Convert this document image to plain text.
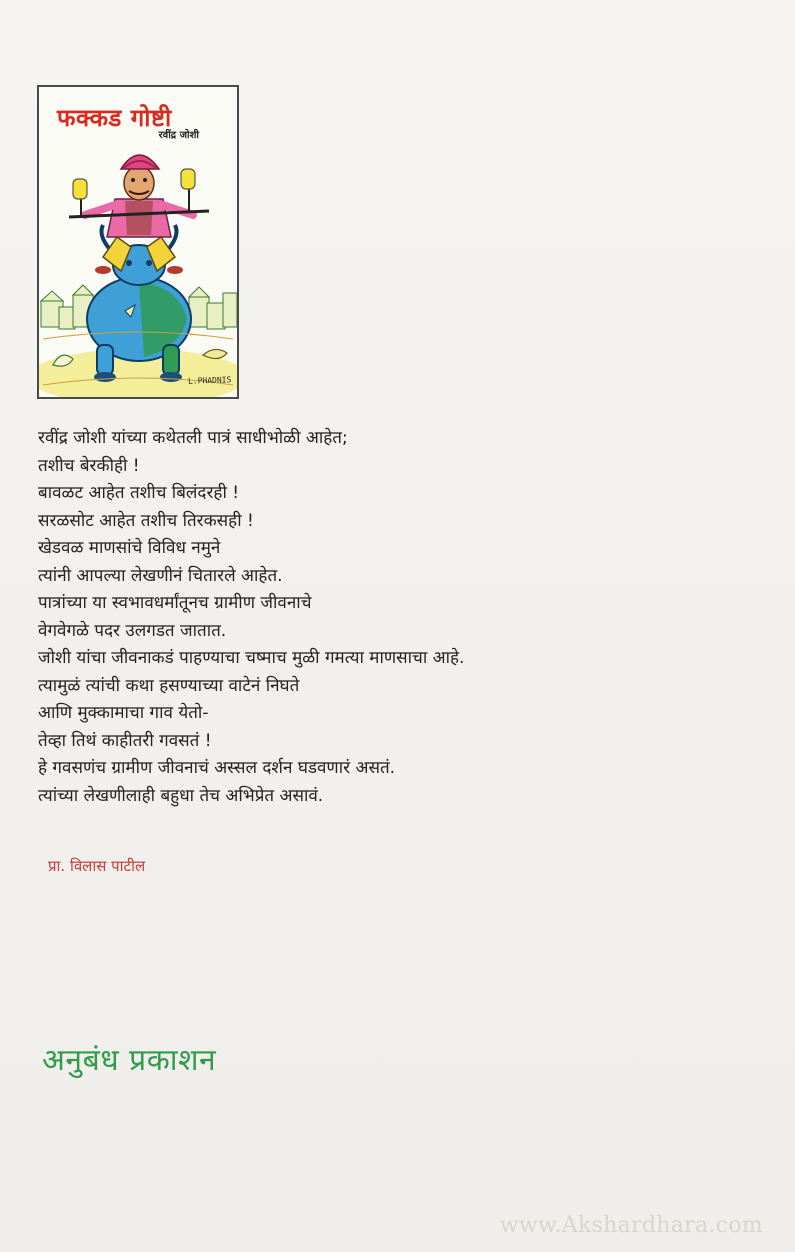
फक्कड गोष्टी
रवींद्र जोशी
L.PHADNIS
रवींद्र जोशी यांच्या कथेतली पात्रं साधीभोळी आहेत;
तशीच बेरकीही !
बावळट आहेत तशीच बिलंदरही !
सरळसोट आहेत तशीच तिरकसही !
खेडवळ माणसांचे विविध नमुने
त्यांनी आपल्या लेखणीनं चितारले आहेत.
पात्रांच्या या स्वभावधर्मांतूनच ग्रामीण जीवनाचे
वेगवेगळे पदर उलगडत जातात.
जोशी यांचा जीवनाकडं पाहण्याचा चष्माच मुळी गमत्या माणसाचा आहे.
त्यामुळं त्यांची कथा हसण्याच्या वाटेनं निघते
आणि मुक्कामाचा गाव येतो-
तेव्हा तिथं काहीतरी गवसतं !
हे गवसणंच ग्रामीण जीवनाचं अस्सल दर्शन घडवणारं असतं.
त्यांच्या लेखणीलाही बहुधा तेच अभिप्रेत असावं.
प्रा. विलास पाटील
अनुबंध प्रकाशन
www.Akshardhara.com
